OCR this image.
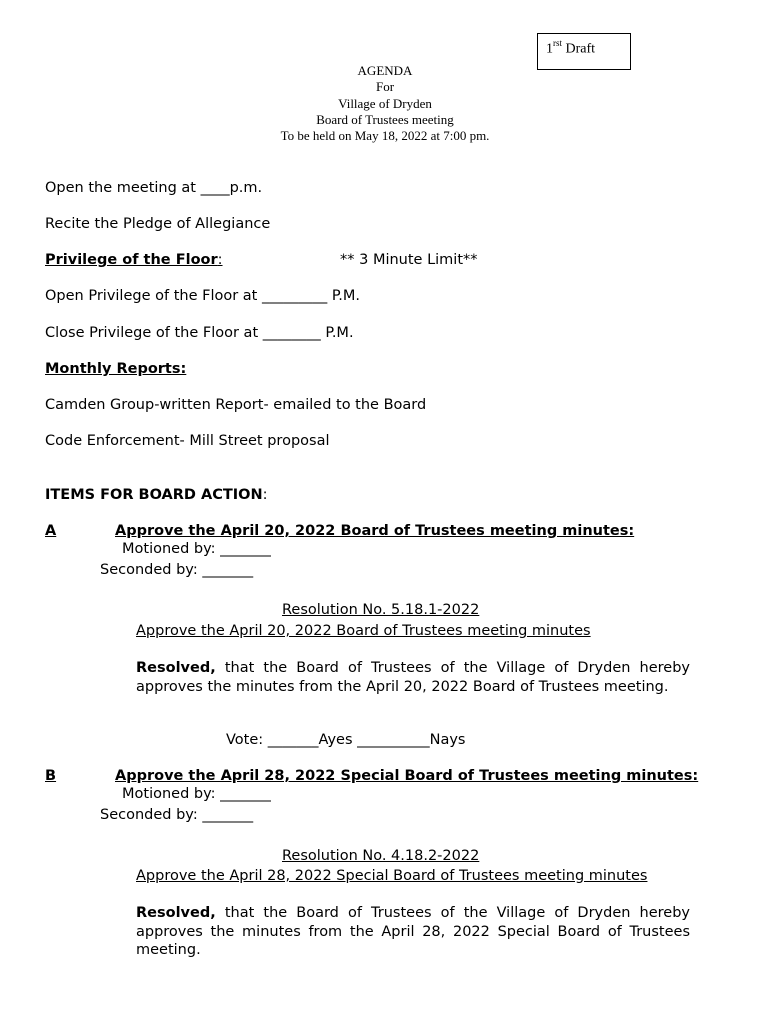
$1^{rst}$ Draft
AGENDA
For
Village of Dryden
Board of Trustees meeting
To be held on May 18, 2022 at 7:00 pm.
Open the meeting at ____p.m.
Recite the Pledge of Allegiance
Privilege of the Floor:	** 3 Minute Limit**
Open Privilege of the Floor at _________ P.M.
Close Privilege of the Floor at ________ P.M.
Monthly Reports:
Camden Group-written Report- emailed to the Board
Code Enforcement- Mill Street proposal
ITEMS FOR BOARD ACTION:
A	Approve the April 20, 2022 Board of Trustees meeting minutes:
Motioned by: _______
Seconded by: _______
Resolution No. 5.18.1-2022
Approve the April 20, 2022 Board of Trustees meeting minutes
Resolved, that the Board of Trustees of the Village of Dryden hereby approves the minutes from the April 20, 2022 Board of Trustees meeting.
Vote: _______Ayes __________Nays
B	Approve the April 28, 2022 Special Board of Trustees meeting minutes:
Motioned by: _______
Seconded by: _______
Resolution No. 4.18.2-2022
Approve the April 28, 2022 Special Board of Trustees meeting minutes
Resolved, that the Board of Trustees of the Village of Dryden hereby approves the minutes from the April 28, 2022 Special Board of Trustees meeting.
